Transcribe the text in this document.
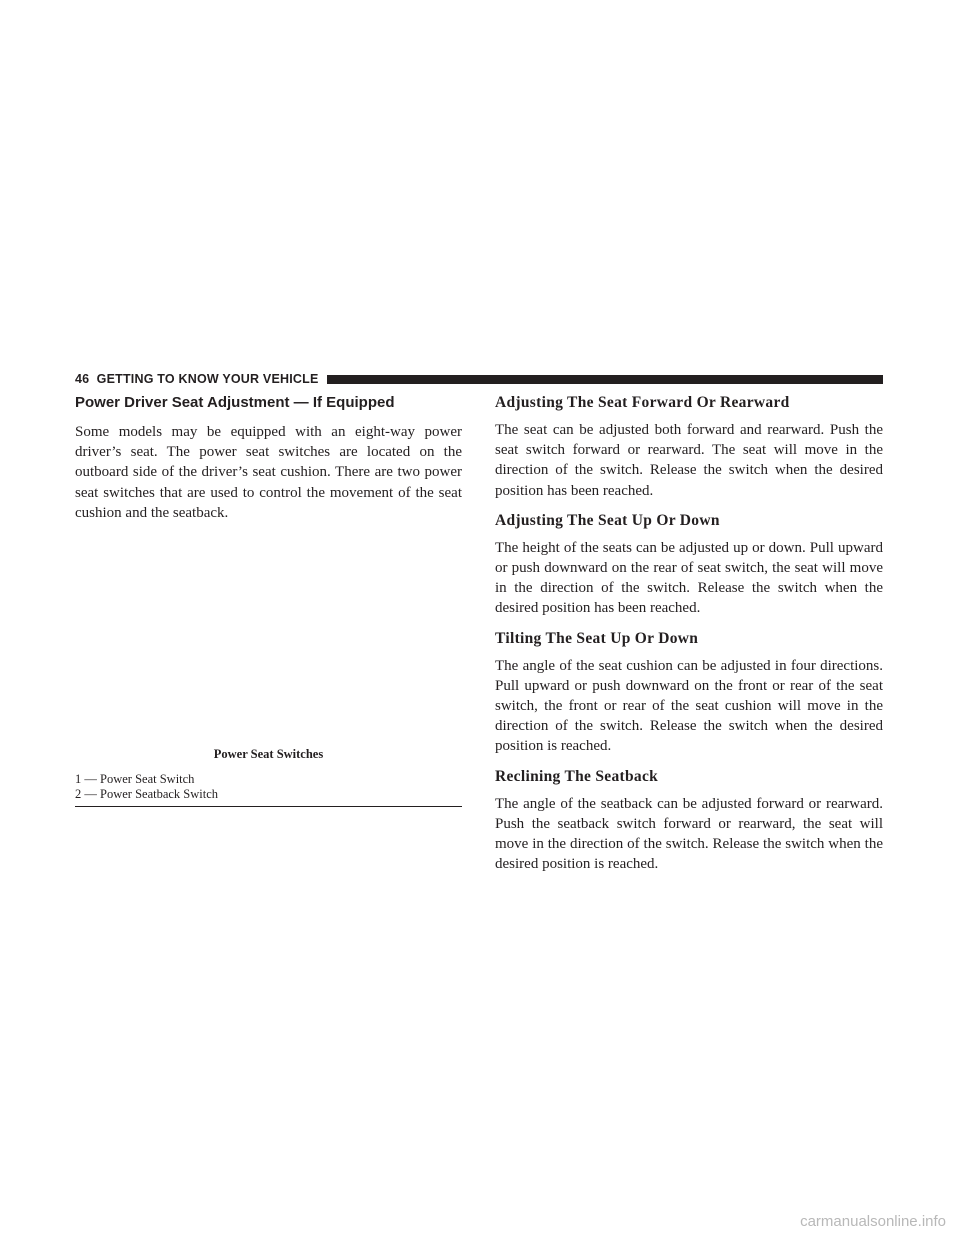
46 GETTING TO KNOW YOUR VEHICLE
Power Driver Seat Adjustment — If Equipped

Some models may be equipped with an eight-way power driver’s seat. The power seat switches are located on the outboard side of the driver’s seat cushion. There are two power seat switches that are used to control the movement of the seat cushion and the seatback.

Power Seat Switches
1 — Power Seat Switch
2 — Power Seatback Switch
Adjusting The Seat Forward Or Rearward

The seat can be adjusted both forward and rearward. Push the seat switch forward or rearward. The seat will move in the direction of the switch. Release the switch when the desired position has been reached.

Adjusting The Seat Up Or Down

The height of the seats can be adjusted up or down. Pull upward or push downward on the rear of seat switch, the seat will move in the direction of the switch. Release the switch when the desired position has been reached.

Tilting The Seat Up Or Down

The angle of the seat cushion can be adjusted in four directions. Pull upward or push downward on the front or rear of the seat switch, the front or rear of the seat cushion will move in the direction of the switch. Release the switch when the desired position is reached.

Reclining The Seatback

The angle of the seatback can be adjusted forward or rearward. Push the seatback switch forward or rearward, the seat will move in the direction of the switch. Release the switch when the desired position is reached.

carmanualsonline.info
